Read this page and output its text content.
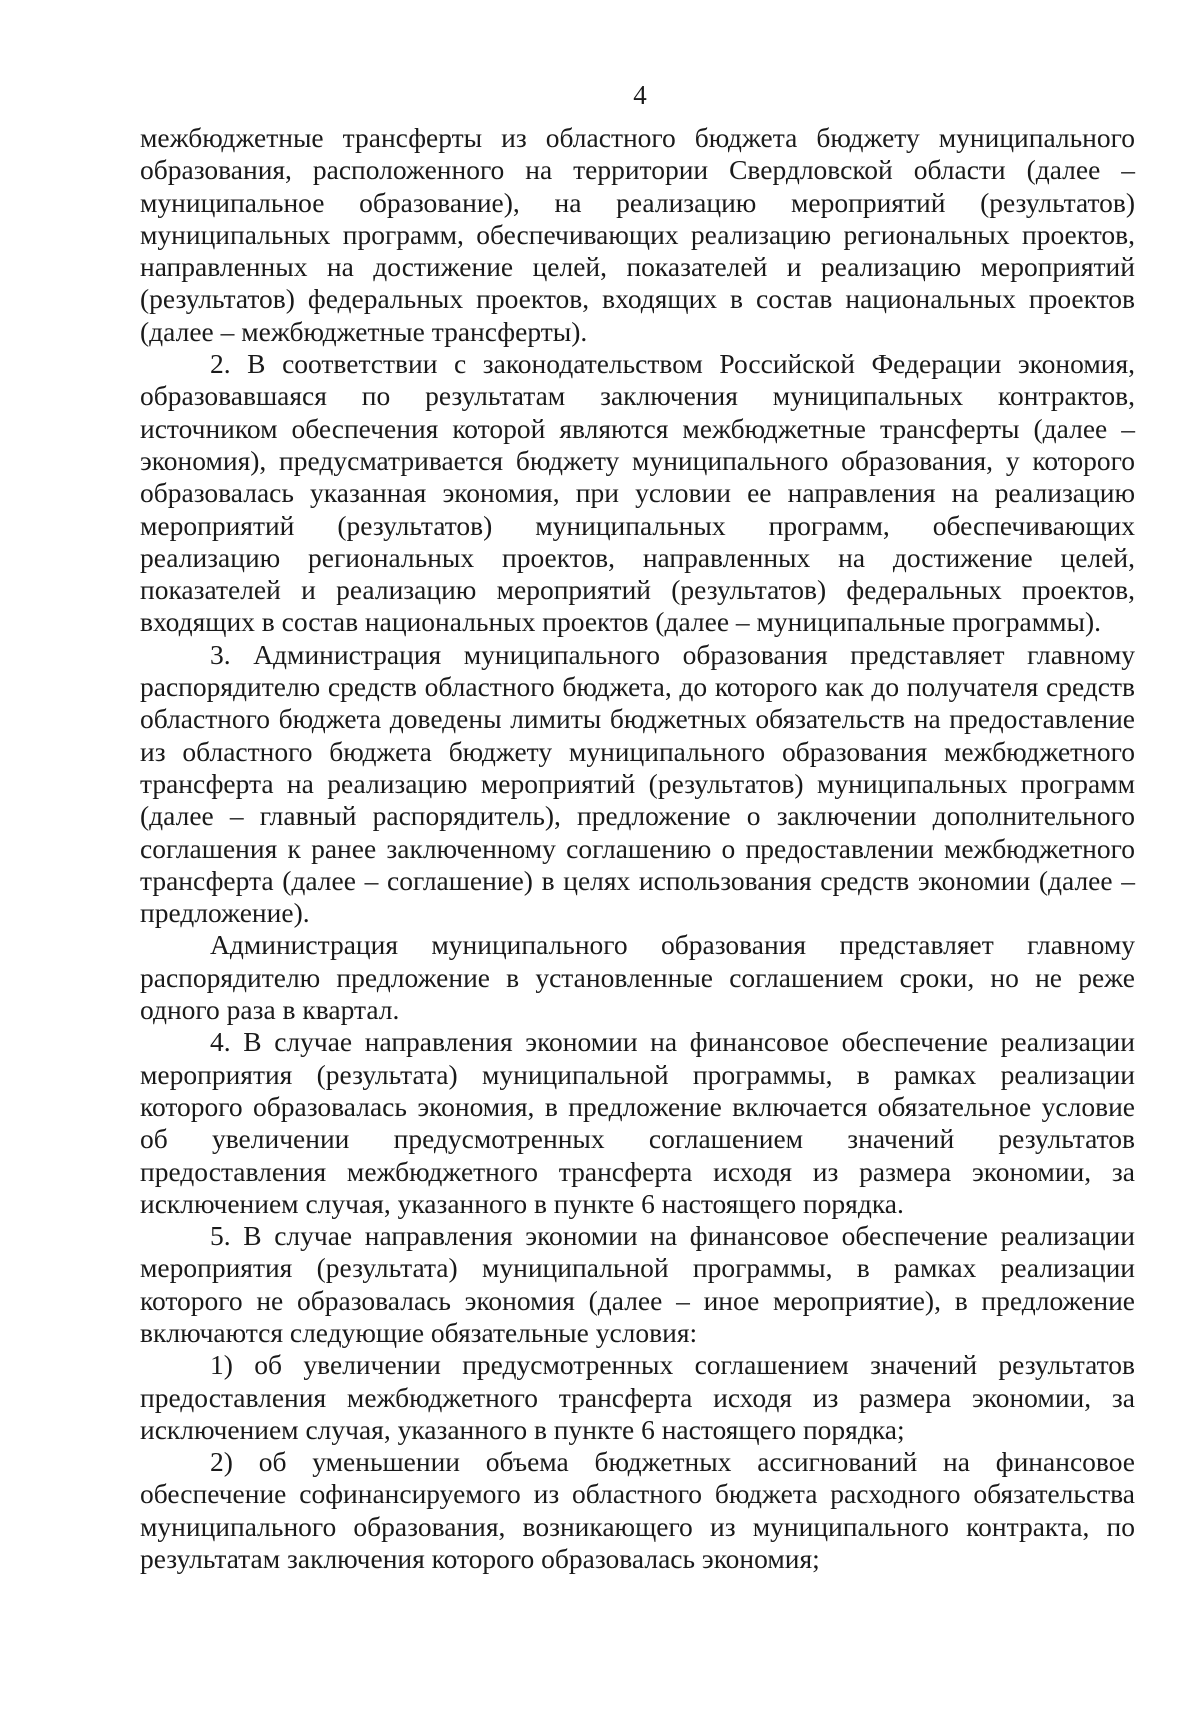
4

межбюджетные трансферты из областного бюджета бюджету муниципального образования, расположенного на территории Свердловской области (далее – муниципальное образование), на реализацию мероприятий (результатов) муниципальных программ, обеспечивающих реализацию региональных проектов, направленных на достижение целей, показателей и реализацию мероприятий (результатов) федеральных проектов, входящих в состав национальных проектов (далее – межбюджетные трансферты).

2. В соответствии с законодательством Российской Федерации экономия, образовавшаяся по результатам заключения муниципальных контрактов, источником обеспечения которой являются межбюджетные трансферты (далее – экономия), предусматривается бюджету муниципального образования, у которого образовалась указанная экономия, при условии ее направления на реализацию мероприятий (результатов) муниципальных программ, обеспечивающих реализацию региональных проектов, направленных на достижение целей, показателей и реализацию мероприятий (результатов) федеральных проектов, входящих в состав национальных проектов (далее – муниципальные программы).

3. Администрация муниципального образования представляет главному распорядителю средств областного бюджета, до которого как до получателя средств областного бюджета доведены лимиты бюджетных обязательств на предоставление из областного бюджета бюджету муниципального образования межбюджетного трансферта на реализацию мероприятий (результатов) муниципальных программ (далее – главный распорядитель), предложение о заключении дополнительного соглашения к ранее заключенному соглашению о предоставлении межбюджетного трансферта (далее – соглашение) в целях использования средств экономии (далее – предложение).

Администрация муниципального образования представляет главному распорядителю предложение в установленные соглашением сроки, но не реже одного раза в квартал.

4. В случае направления экономии на финансовое обеспечение реализации мероприятия (результата) муниципальной программы, в рамках реализации которого образовалась экономия, в предложение включается обязательное условие об увеличении предусмотренных соглашением значений результатов предоставления межбюджетного трансферта исходя из размера экономии, за исключением случая, указанного в пункте 6 настоящего порядка.

5. В случае направления экономии на финансовое обеспечение реализации мероприятия (результата) муниципальной программы, в рамках реализации которого не образовалась экономия (далее – иное мероприятие), в предложение включаются следующие обязательные условия:

1) об увеличении предусмотренных соглашением значений результатов предоставления межбюджетного трансферта исходя из размера экономии, за исключением случая, указанного в пункте 6 настоящего порядка;

2) об уменьшении объема бюджетных ассигнований на финансовое обеспечение софинансируемого из областного бюджета расходного обязательства муниципального образования, возникающего из муниципального контракта, по результатам заключения которого образовалась экономия;
